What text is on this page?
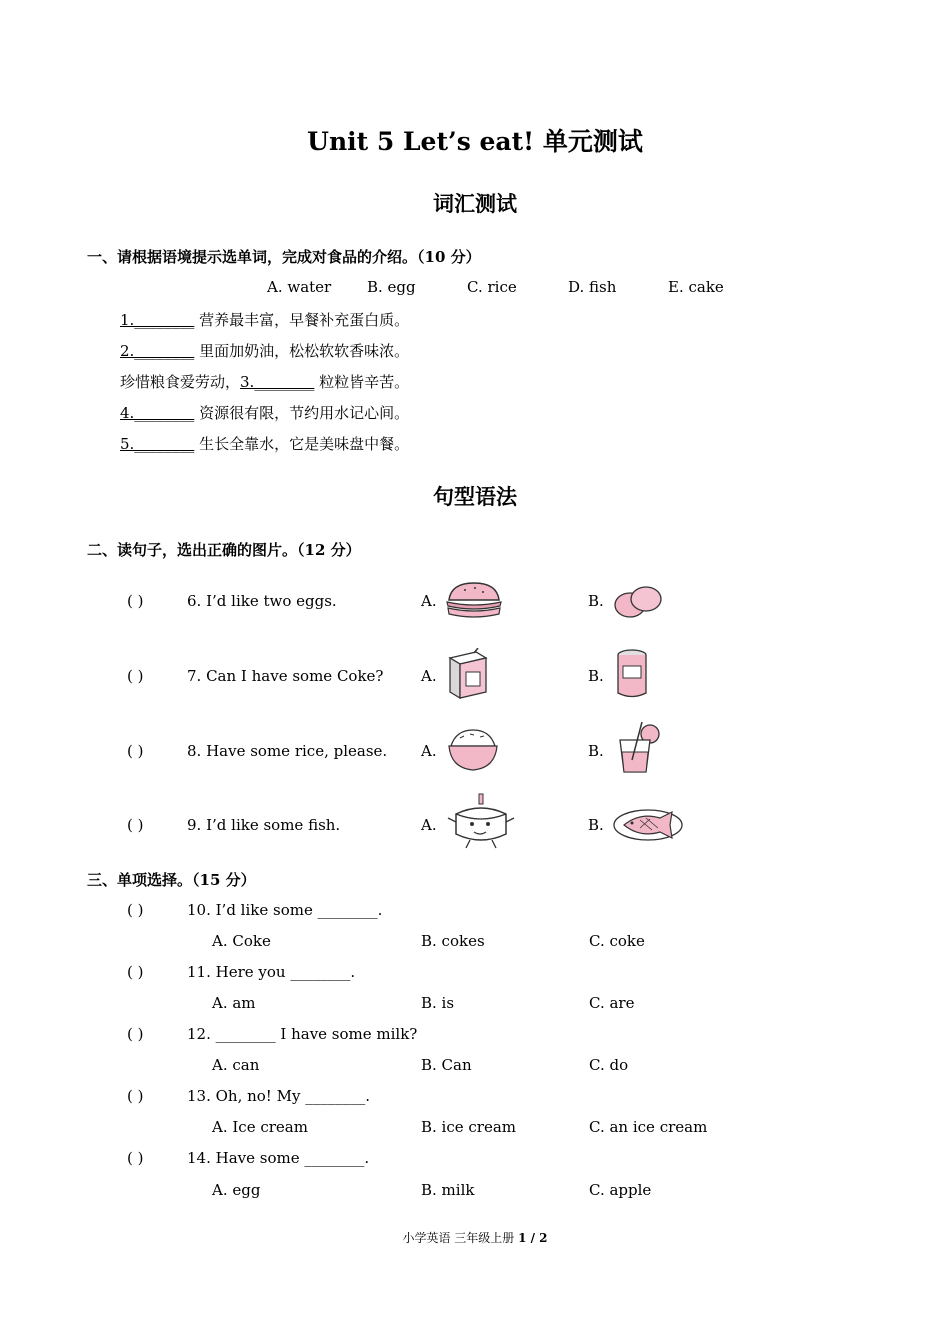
Unit 5 Let’s eat! 单元测试
词汇测试
一、请根据语境提示选单词，完成对食品的介绍。（10 分）
A. water B. egg	C. rice	D. fish	E. cake
1.________ 营养最丰富，早餐补充蛋白质。
2.________ 里面加奶油，松松软软香味浓。
珍惜粮食爱劳动，3.________ 粒粒皆辛苦。
4.________ 资源很有限，节约用水记心间。
5.________ 生长全靠水，它是美味盘中餐。
句型语法
二、读句子，选出正确的图片。（12 分）
( )	6. I’d like two eggs.	A.	B.
( )	7. Can I have some Coke?	A.	B.
( )	8. Have some rice, please. A.	B.
( )	9. I’d like some fish.	A.	B.
三、单项选择。（15 分）
( )	10. I’d like some ________.
A. Coke	B. cokes	C. coke
( )	11. Here you ________.
A. am	B. is	C. are
( )	12. ________ I have some milk?
A. can	B. Can	C. do
( )	13. Oh, no! My ________.
A. Ice cream	B. ice cream	C. an ice cream
( )	14. Have some ________.
A. egg	B. milk	C. apple
小学英语 三年级上册 1 / 2
